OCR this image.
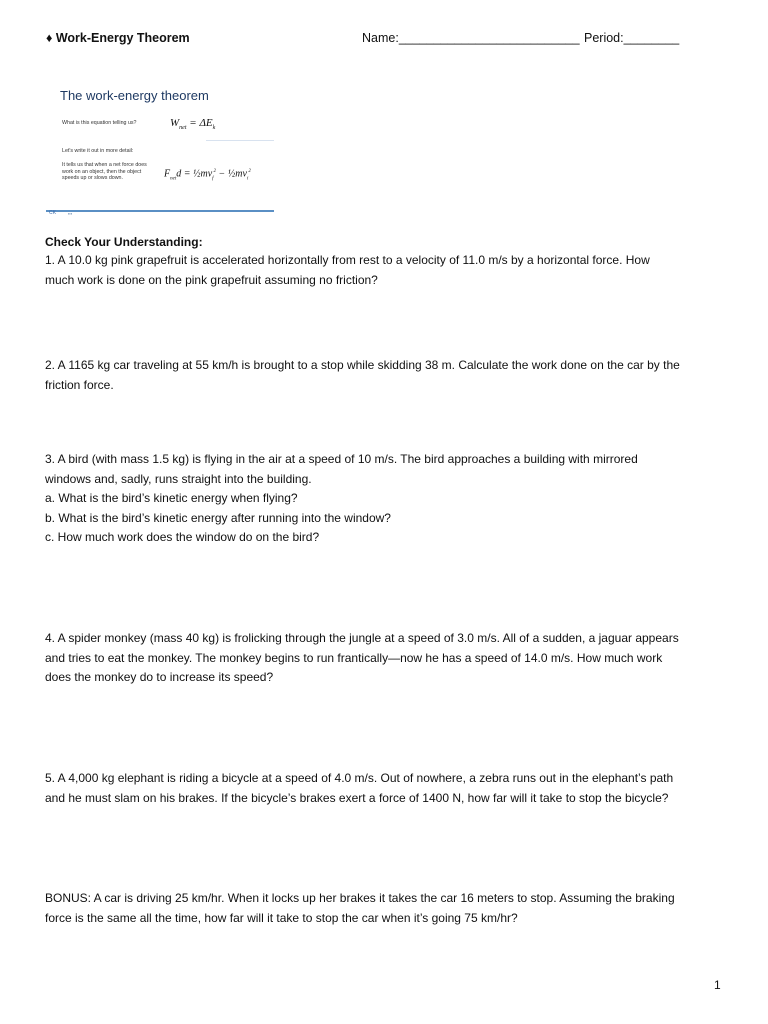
♦ Work-Energy Theorem	Name:__________________________ Period:________
The work-energy theorem
What is this equation telling us?	$W_{net} = \Delta E_k$
Let's write it out in more detail:
It tells us that when a net force does work on an object, then the object speeds up or slows down.	$F_{net}d$ = $\frac{1}{2}mv_f^2$ − $\frac{1}{2}mv_i^2$
CK	▪▪▪
Check Your Understanding:
1. A 10.0 kg pink grapefruit is accelerated horizontally from rest to a velocity of 11.0 m/s by a horizontal force. How
much work is done on the pink grapefruit assuming no friction?
2. A 1165 kg car traveling at 55 km/h is brought to a stop while skidding 38 m. Calculate the work done on the car by the
friction force.
3. A bird (with mass 1.5 kg) is flying in the air at a speed of 10 m/s. The bird approaches a building with mirrored
windows and, sadly, runs straight into the building.
a. What is the bird’s kinetic energy when flying?
b. What is the bird’s kinetic energy after running into the window?
c. How much work does the window do on the bird?
4. A spider monkey (mass 40 kg) is frolicking through the jungle at a speed of 3.0 m/s. All of a sudden, a jaguar appears
and tries to eat the monkey. The monkey begins to run frantically—now he has a speed of 14.0 m/s. How much work
does the monkey do to increase its speed?
5. A 4,000 kg elephant is riding a bicycle at a speed of 4.0 m/s. Out of nowhere, a zebra runs out in the elephant’s path
and he must slam on his brakes. If the bicycle’s brakes exert a force of 1400 N, how far will it take to stop the bicycle?
BONUS: A car is driving 25 km/hr. When it locks up her brakes it takes the car 16 meters to stop. Assuming the braking
force is the same all the time, how far will it take to stop the car when it’s going 75 km/hr?
1
